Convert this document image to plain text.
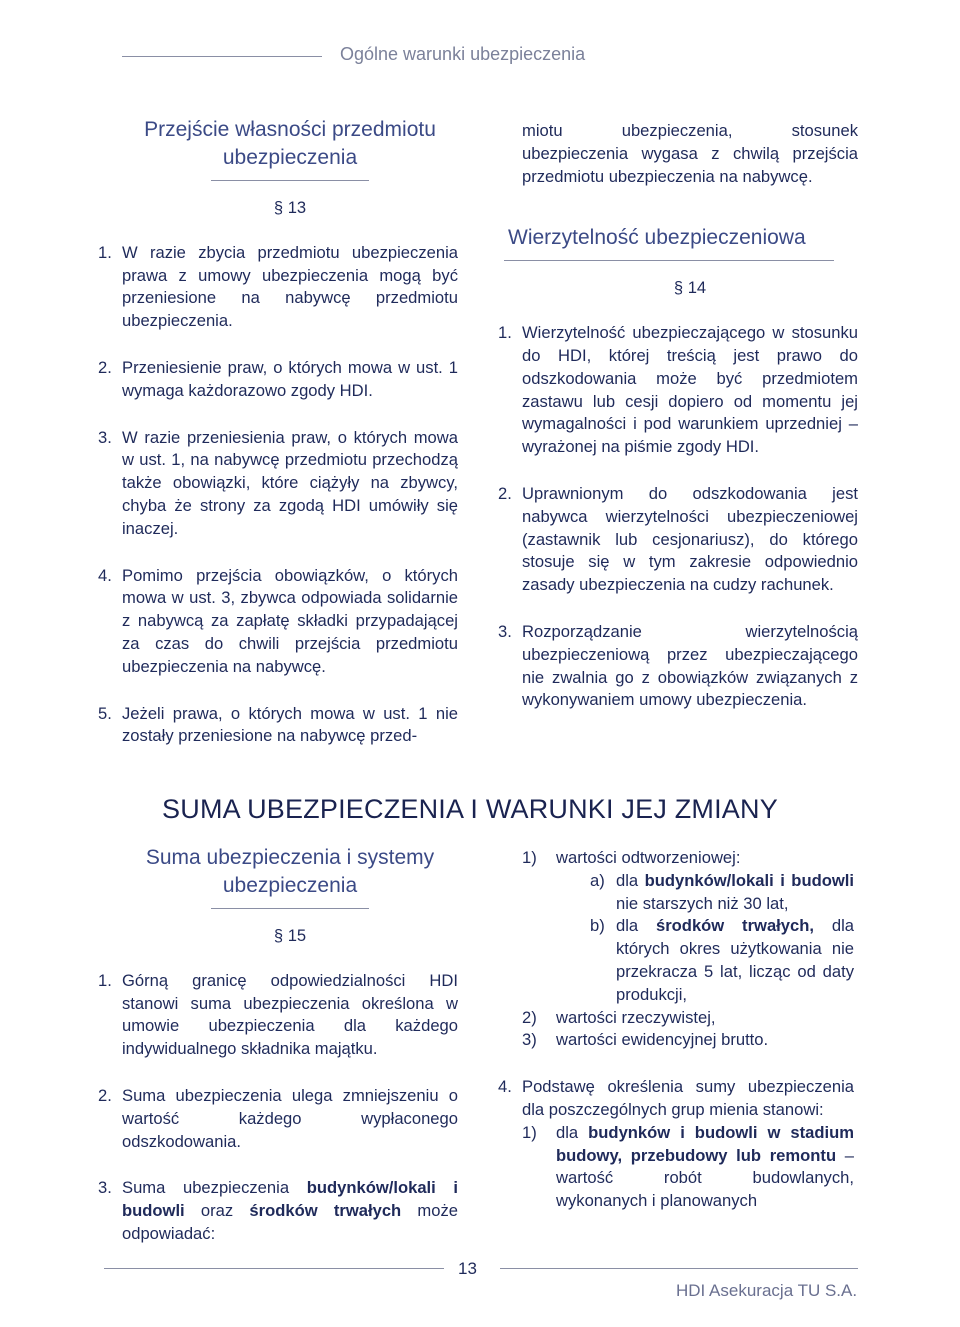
Ogólne warunki ubezpieczenia
Przejście własności przedmiotu
ubezpieczenia
§ 13
1. W razie zbycia przedmiotu ubezpieczenia prawa z umowy ubezpieczenia mogą być przeniesione na nabywcę przedmiotu ubezpieczenia.
2. Przeniesienie praw, o których mowa w ust. 1 wymaga każdorazowo zgody HDI.
3. W razie przeniesienia praw, o których mowa w ust. 1, na nabywcę przedmiotu przechodzą także obowiązki, które ciążyły na zbywcy, chyba że strony za zgodą HDI umówiły się inaczej.
4. Pomimo przejścia obowiązków, o których mowa w ust. 3, zbywca odpowiada solidarnie z nabywcą za zapłatę składki przypadającej za czas do chwili przejścia przedmiotu ubezpieczenia na nabywcę.
5. Jeżeli prawa, o których mowa w ust. 1 nie zostały przeniesione na nabywcę przed-
miotu ubezpieczenia, stosunek ubezpieczenia wygasa z chwilą przejścia przedmiotu ubezpieczenia na nabywcę.
Wierzytelność ubezpieczeniowa
§ 14
1. Wierzytelność ubezpieczającego w stosunku do HDI, której treścią jest prawo do odszkodowania może być przedmiotem zastawu lub cesji dopiero od momentu jej wymagalności i pod warunkiem uprzedniej – wyrażonej na piśmie zgody HDI.
2. Uprawnionym do odszkodowania jest nabywca wierzytelności ubezpieczeniowej (zastawnik lub cesjonariusz), do którego stosuje się w tym zakresie odpowiednio zasady ubezpieczenia na cudzy rachunek.
3. Rozporządzanie wierzytelnością ubezpieczeniową przez ubezpieczającego nie zwalnia go z obowiązków związanych z wykonywaniem umowy ubezpieczenia.
SUMA UBEZPIECZENIA I WARUNKI JEJ ZMIANY
Suma ubezpieczenia i systemy
ubezpieczenia
§ 15
1. Górną granicę odpowiedzialności HDI stanowi suma ubezpieczenia określona w umowie ubezpieczenia dla każdego indywidualnego składnika majątku.
2. Suma ubezpieczenia ulega zmniejszeniu o wartość każdego wypłaconego odszkodowania.
3. Suma ubezpieczenia budynków/lokali i budowli oraz środków trwałych może odpowiadać:
1) wartości odtworzeniowej:
a) dla budynków/lokali i budowli nie starszych niż 30 lat,
b) dla środków trwałych, dla których okres użytkowania nie przekracza 5 lat, licząc od daty produkcji,
2) wartości rzeczywistej,
3) wartości ewidencyjnej brutto.
4. Podstawę określenia sumy ubezpieczenia dla poszczególnych grup mienia stanowi:
1) dla budynków i budowli w stadium budowy, przebudowy lub remontu – wartość robót budowlanych, wykonanych i planowanych
13
HDI Asekuracja TU S.A.
